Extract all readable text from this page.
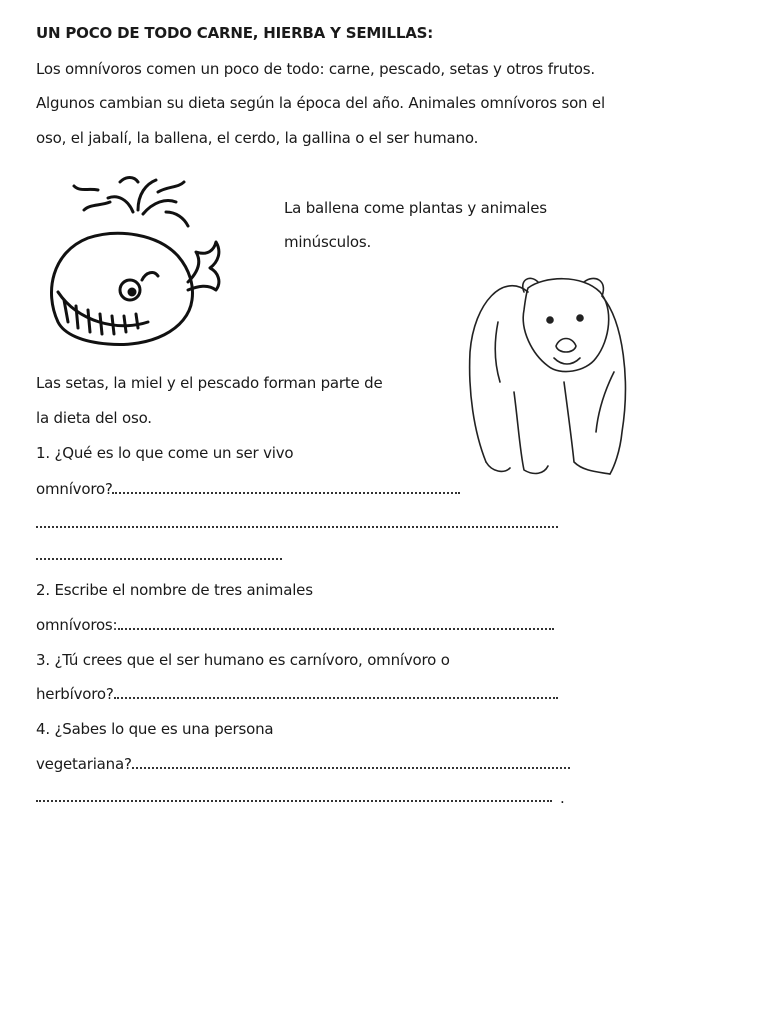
UN POCO DE TODO CARNE, HIERBA Y SEMILLAS:
Los omnívoros comen un poco de todo: carne, pescado, setas y otros frutos.
Algunos cambian su dieta según la época del año. Animales omnívoros son el
oso, el jabalí, la ballena, el cerdo, la gallina o el ser humano.
La ballena come plantas y animales
minúsculos.
Las setas, la miel y el pescado forman parte de
la dieta del oso.
1. ¿Qué es lo que come un ser vivo
omnívoro?
2. Escribe el nombre de tres animales
omnívoros:
3. ¿Tú crees que el ser humano es carnívoro, omnívoro o
herbívoro?
4. ¿Sabes lo que es una persona
vegetariana?
.
